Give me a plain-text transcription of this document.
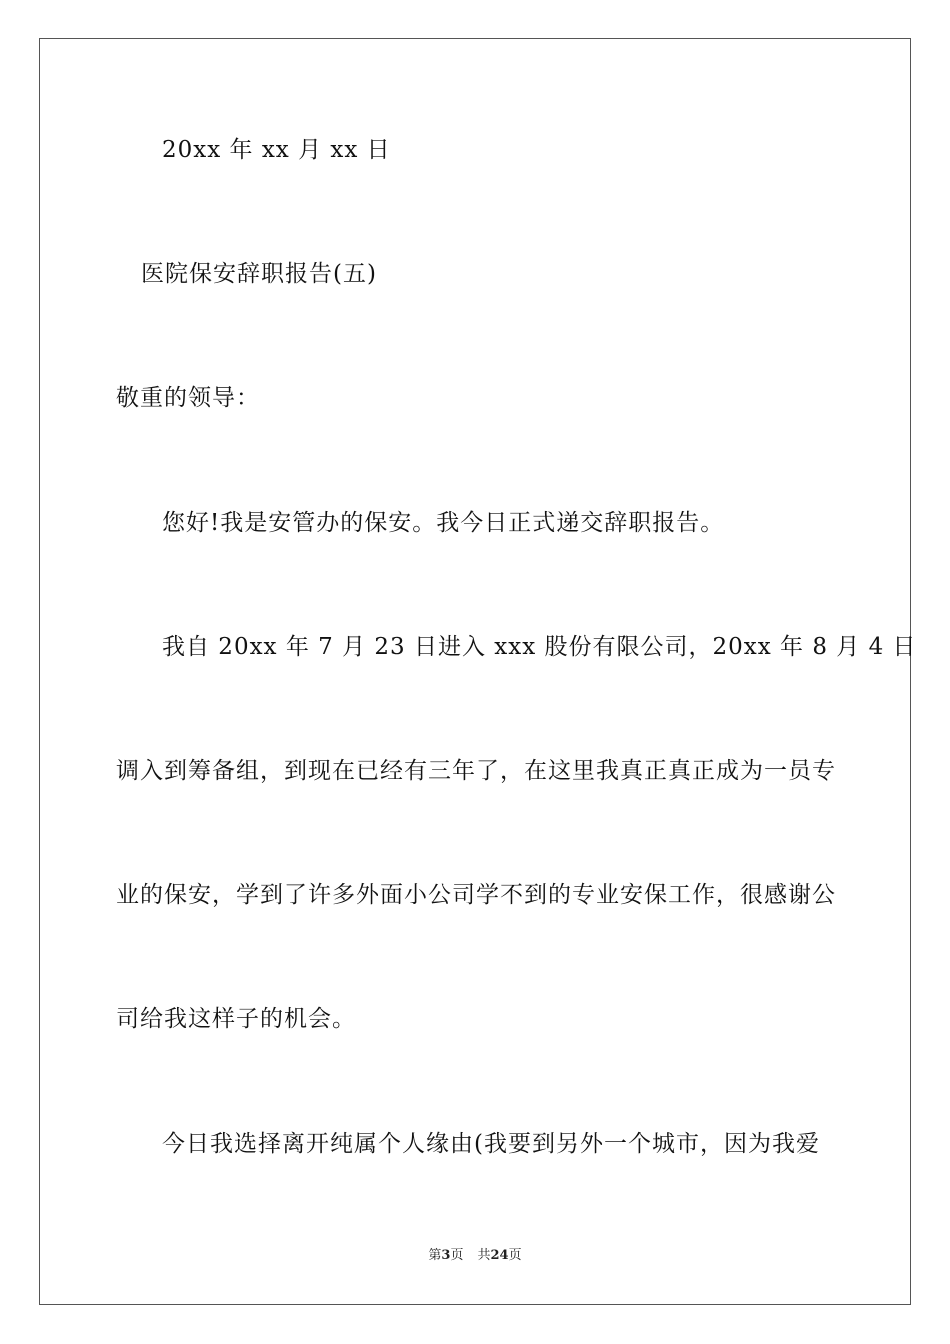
20xx 年 xx 月 xx 日
医院保安辞职报告(五)
敬重的领导：
您好!我是安管办的保安。我今日正式递交辞职报告。
我自 20xx 年 7 月 23 日进入 xxx 股份有限公司，20xx 年 8 月 4 日
调入到筹备组，到现在已经有三年了，在这里我真正真正成为一员专
业的保安，学到了许多外面小公司学不到的专业安保工作，很感谢公
司给我这样子的机会。
今日我选择离开纯属个人缘由(我要到另外一个城市，因为我爱
第3页 共24页
